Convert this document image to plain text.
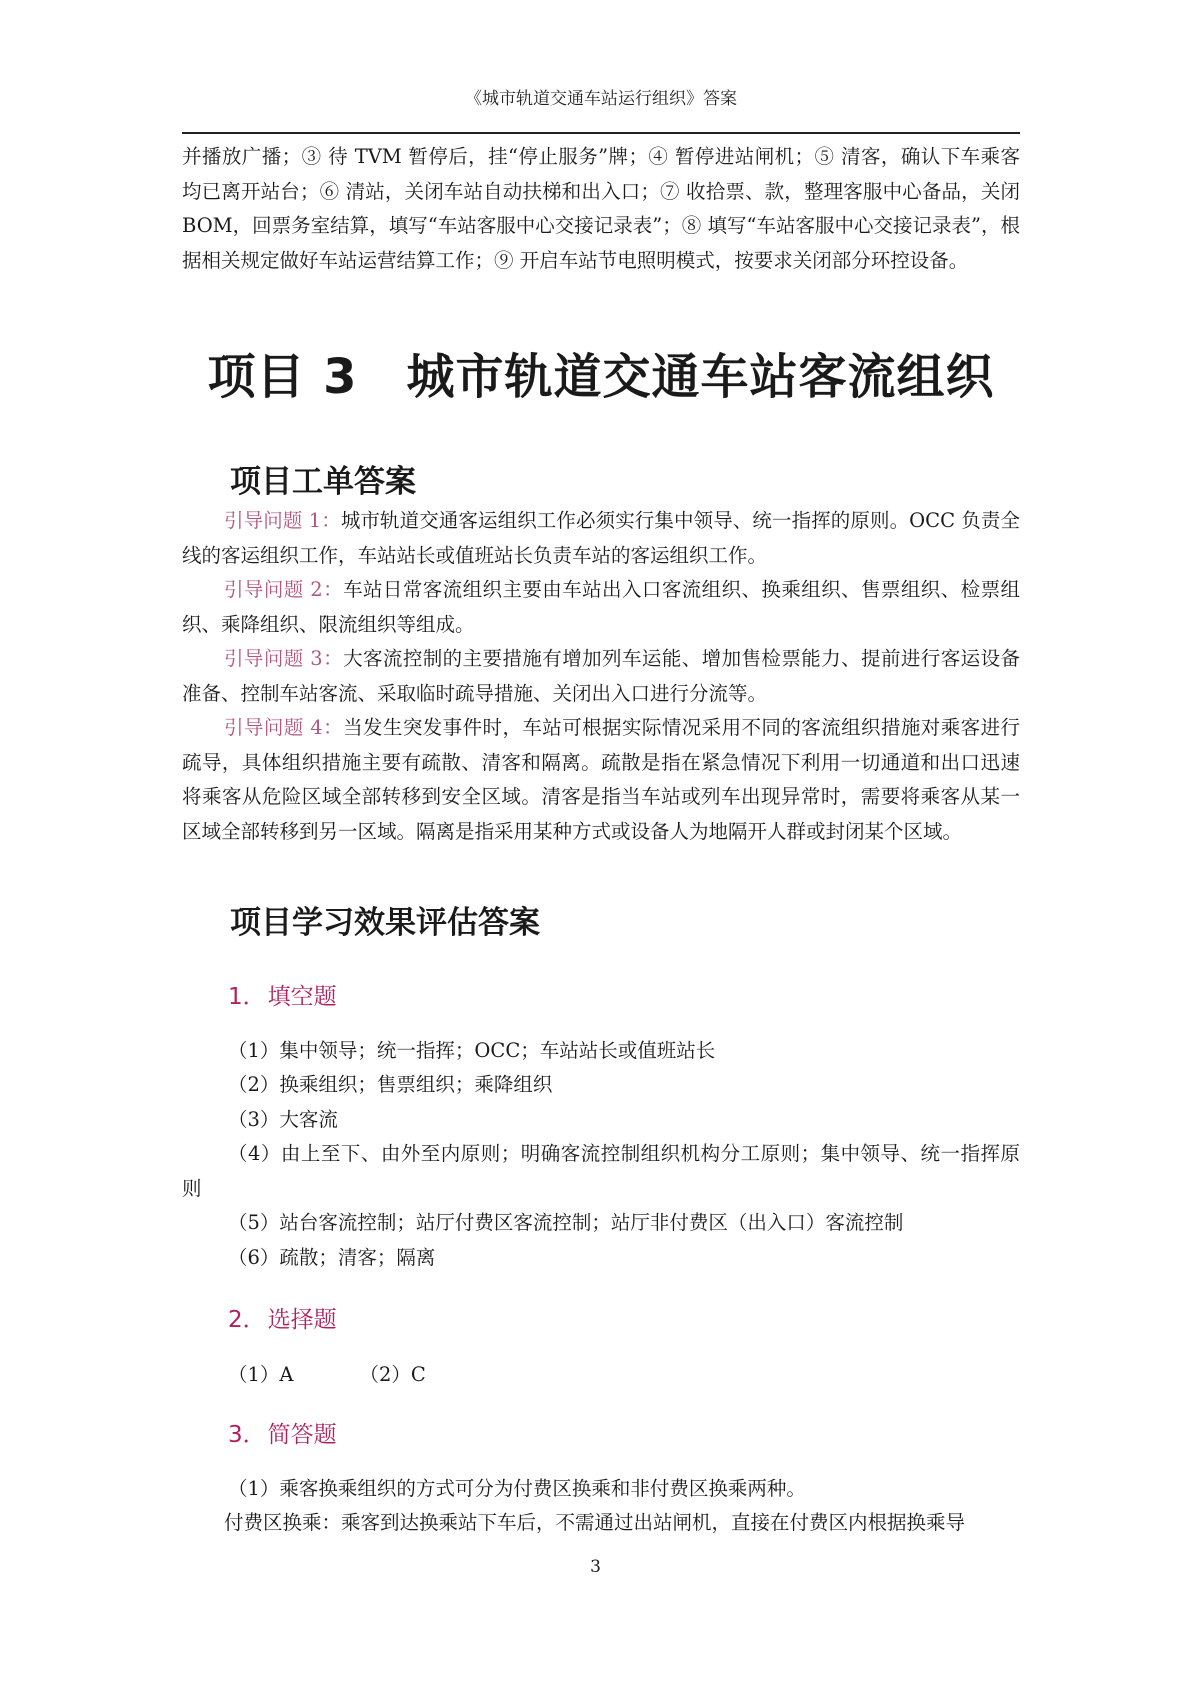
《城市轨道交通车站运行组织》答案
并播放广播；③ 待 TVM 暂停后，挂“停止服务”牌；④ 暂停进站闸机；⑤ 清客，确认下车乘客均已离开站台；⑥ 清站，关闭车站自动扶梯和出入口；⑦ 收拾票、款，整理客服中心备品，关闭 BOM，回票务室结算，填写“车站客服中心交接记录表”；⑧ 填写“车站客服中心交接记录表”，根据相关规定做好车站运营结算工作；⑨ 开启车站节电照明模式，按要求关闭部分环控设备。
项目 3　城市轨道交通车站客流组织
项目工单答案
引导问题 1：城市轨道交通客运组织工作必须实行集中领导、统一指挥的原则。OCC 负责全线的客运组织工作，车站站长或值班站长负责车站的客运组织工作。
引导问题 2：车站日常客流组织主要由车站出入口客流组织、换乘组织、售票组织、检票组织、乘降组织、限流组织等组成。
引导问题 3：大客流控制的主要措施有增加列车运能、增加售检票能力、提前进行客运设备准备、控制车站客流、采取临时疏导措施、关闭出入口进行分流等。
引导问题 4：当发生突发事件时，车站可根据实际情况采用不同的客流组织措施对乘客进行疏导，具体组织措施主要有疏散、清客和隔离。疏散是指在紧急情况下利用一切通道和出口迅速将乘客从危险区域全部转移到安全区域。清客是指当车站或列车出现异常时，需要将乘客从某一区域全部转移到另一区域。隔离是指采用某种方式或设备人为地隔开人群或封闭某个区域。
项目学习效果评估答案
1．填空题
（1）集中领导；统一指挥；OCC；车站站长或值班站长
（2）换乘组织；售票组织；乘降组织
（3）大客流
（4）由上至下、由外至内原则；明确客流控制组织机构分工原则；集中领导、统一指挥原则
（5）站台客流控制；站厅付费区客流控制；站厅非付费区（出入口）客流控制
（6）疏散；清客；隔离
2．选择题
（1）A	（2）C
3．简答题
（1）乘客换乘组织的方式可分为付费区换乘和非付费区换乘两种。
付费区换乘：乘客到达换乘站下车后，不需通过出站闸机，直接在付费区内根据换乘导
3
